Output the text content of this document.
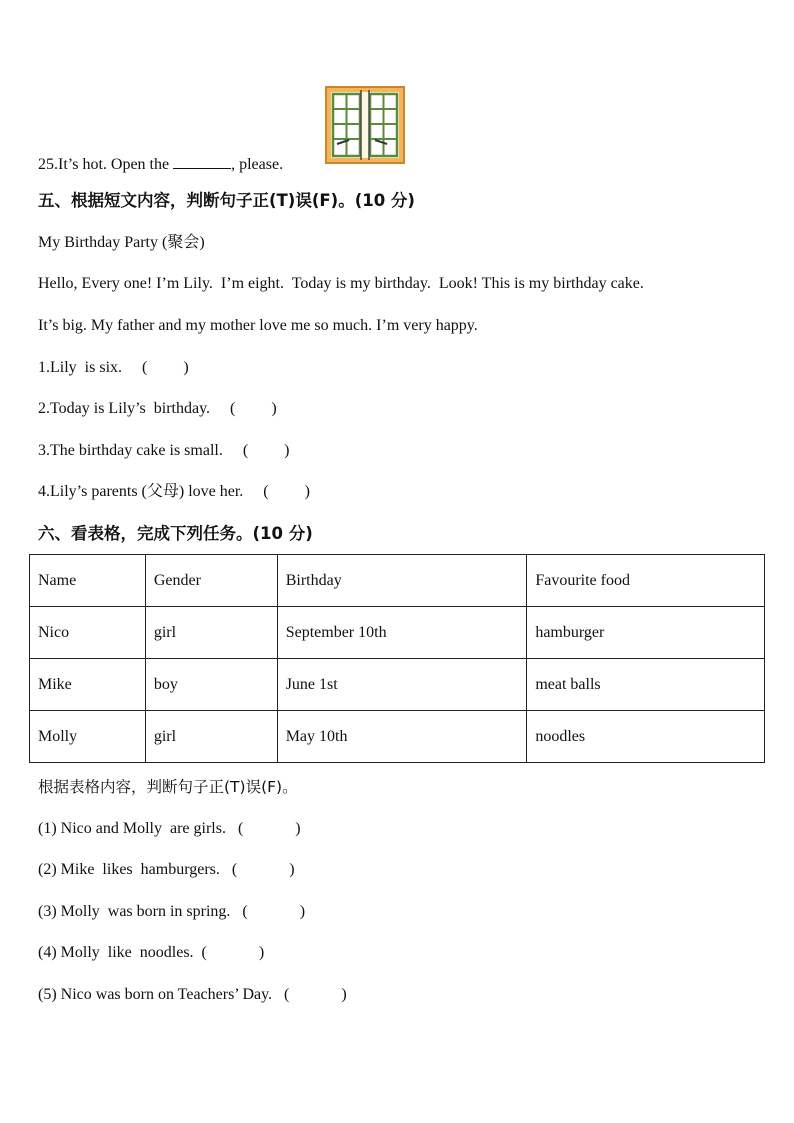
25.It’s hot. Open the	, please.
五、根据短文内容，判断句子正(T)误(F)。(10 分)
My Birthday Party (聚会)
Hello, Every one! I’m Lily.  I’m eight.  Today is my birthday.  Look! This is my birthday cake.
It’s big. My father and my mother love me so much. I’m very happy.
1.Lily  is six.     (         )
2.Today is Lily’s  birthday.     (         )
3.The birthday cake is small.     (         )
4.Lily’s parents (父母) love her.     (         )
六、看表格，完成下列任务。(10 分)
Name	Gender	Birthday	Favourite food
Nico	girl	September 10th	hamburger
Mike	boy	June 1st	meat balls
Molly	girl	May 10th	noodles
根据表格内容，判断句子正(T)误(F)。
(1) Nico and Molly  are girls.   (             )
(2) Mike  likes  hamburgers.   (             )
(3) Molly  was born in spring.   (             )
(4) Molly  like  noodles.  (             )
(5) Nico was born on Teachers’ Day.   (             )
